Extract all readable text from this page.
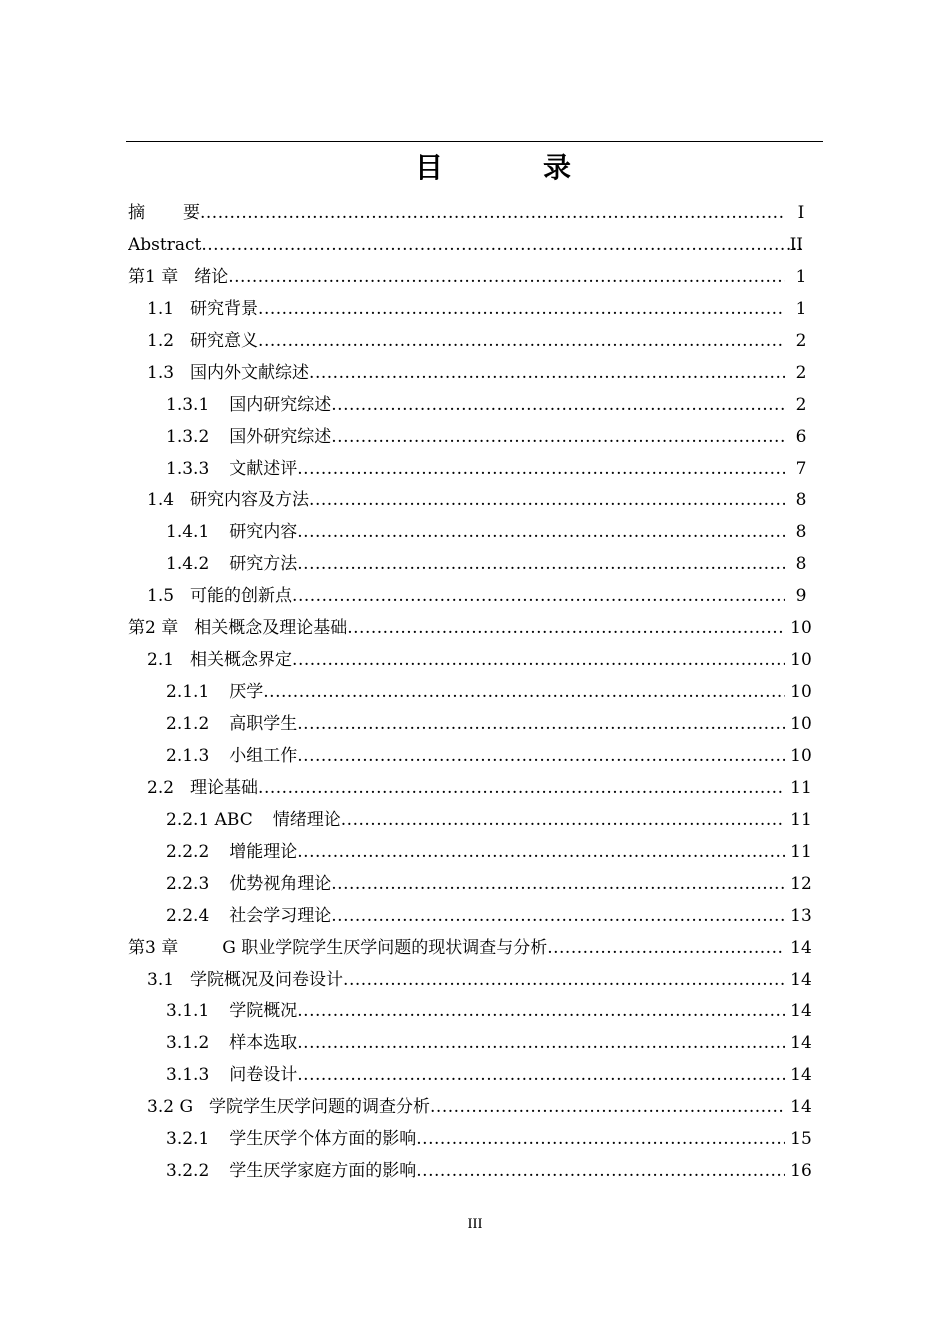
目　录
摘 要 .....	I
Abstract .....	II
第1 章 绪论 .....	1
1.1 研究背景 .....	1
1.2 研究意义 .....	2
1.3 国内外文献综述 .....	2
1.3.1 国内研究综述 .....	2
1.3.2 国外研究综述 .....	6
1.3.3 文献述评 .....	7
1.4 研究内容及方法 .....	8
1.4.1 研究内容 .....	8
1.4.2 研究方法 .....	8
1.5 可能的创新点 .....	9
第2 章 相关概念及理论基础 .....	10
2.1 相关概念界定 .....	10
2.1.1 厌学 .....	10
2.1.2 高职学生 .....	10
2.1.3 小组工作 .....	10
2.2 理论基础 .....	11
2.2.1 ABC 情绪理论 .....	11
2.2.2 增能理论 .....	11
2.2.3 优势视角理论 .....	12
2.2.4 社会学习理论 .....	13
第3 章	G 职业学院学生厌学问题的现状调查与分析 .....	14
3.1 学院概况及问卷设计 .....	14
3.1.1 学院概况 .....	14
3.1.2 样本选取 .....	14
3.1.3 问卷设计 .....	14
3.2 G 学院学生厌学问题的调查分析 .....	14
3.2.1 学生厌学个体方面的影响 .....	15
3.2.2 学生厌学家庭方面的影响 .....	16
III
